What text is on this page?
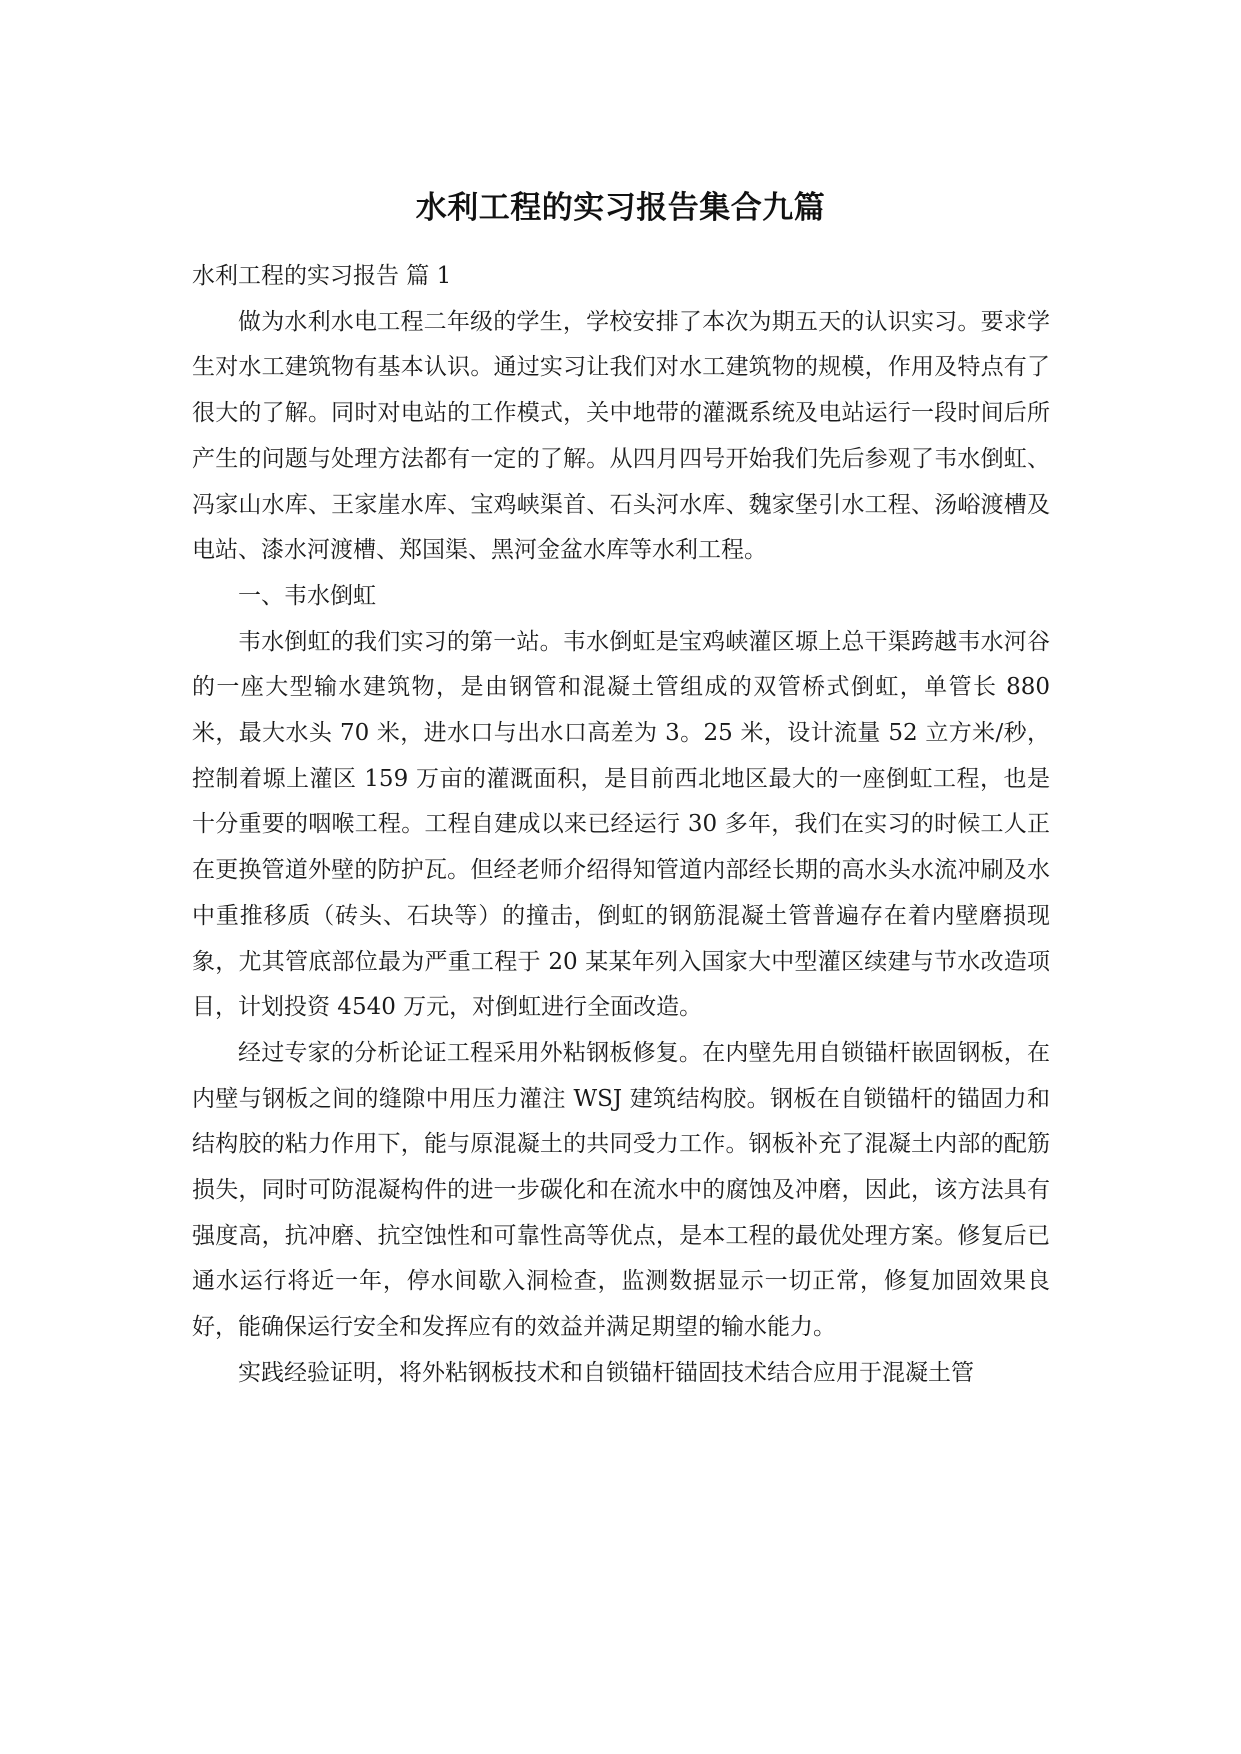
水利工程的实习报告集合九篇

水利工程的实习报告 篇 1

做为水利水电工程二年级的学生，学校安排了本次为期五天的认识实习。要求学生对水工建筑物有基本认识。通过实习让我们对水工建筑物的规模，作用及特点有了很大的了解。同时对电站的工作模式，关中地带的灌溉系统及电站运行一段时间后所产生的问题与处理方法都有一定的了解。从四月四号开始我们先后参观了韦水倒虹、冯家山水库、王家崖水库、宝鸡峡渠首、石头河水库、魏家堡引水工程、汤峪渡槽及电站、漆水河渡槽、郑国渠、黑河金盆水库等水利工程。

一、韦水倒虹

韦水倒虹的我们实习的第一站。韦水倒虹是宝鸡峡灌区塬上总干渠跨越韦水河谷的一座大型输水建筑物，是由钢管和混凝土管组成的双管桥式倒虹，单管长 880 米，最大水头 70 米，进水口与出水口高差为 3。25 米，设计流量 52 立方米/秒，控制着塬上灌区 159 万亩的灌溉面积，是目前西北地区最大的一座倒虹工程，也是十分重要的咽喉工程。工程自建成以来已经运行 30 多年，我们在实习的时候工人正在更换管道外壁的防护瓦。但经老师介绍得知管道内部经长期的高水头水流冲刷及水中重推移质（砖头、石块等）的撞击，倒虹的钢筋混凝土管普遍存在着内壁磨损现象，尤其管底部位最为严重工程于 20 某某年列入国家大中型灌区续建与节水改造项目，计划投资 4540 万元，对倒虹进行全面改造。

经过专家的分析论证工程采用外粘钢板修复。在内壁先用自锁锚杆嵌固钢板，在内壁与钢板之间的缝隙中用压力灌注 WSJ 建筑结构胶。钢板在自锁锚杆的锚固力和结构胶的粘力作用下，能与原混凝土的共同受力工作。钢板补充了混凝土内部的配筋损失，同时可防混凝构件的进一步碳化和在流水中的腐蚀及冲磨，因此，该方法具有强度高，抗冲磨、抗空蚀性和可靠性高等优点，是本工程的最优处理方案。修复后已通水运行将近一年，停水间歇入洞检查，监测数据显示一切正常，修复加固效果良好，能确保运行安全和发挥应有的效益并满足期望的输水能力。

实践经验证明，将外粘钢板技术和自锁锚杆锚固技术结合应用于混凝土管
